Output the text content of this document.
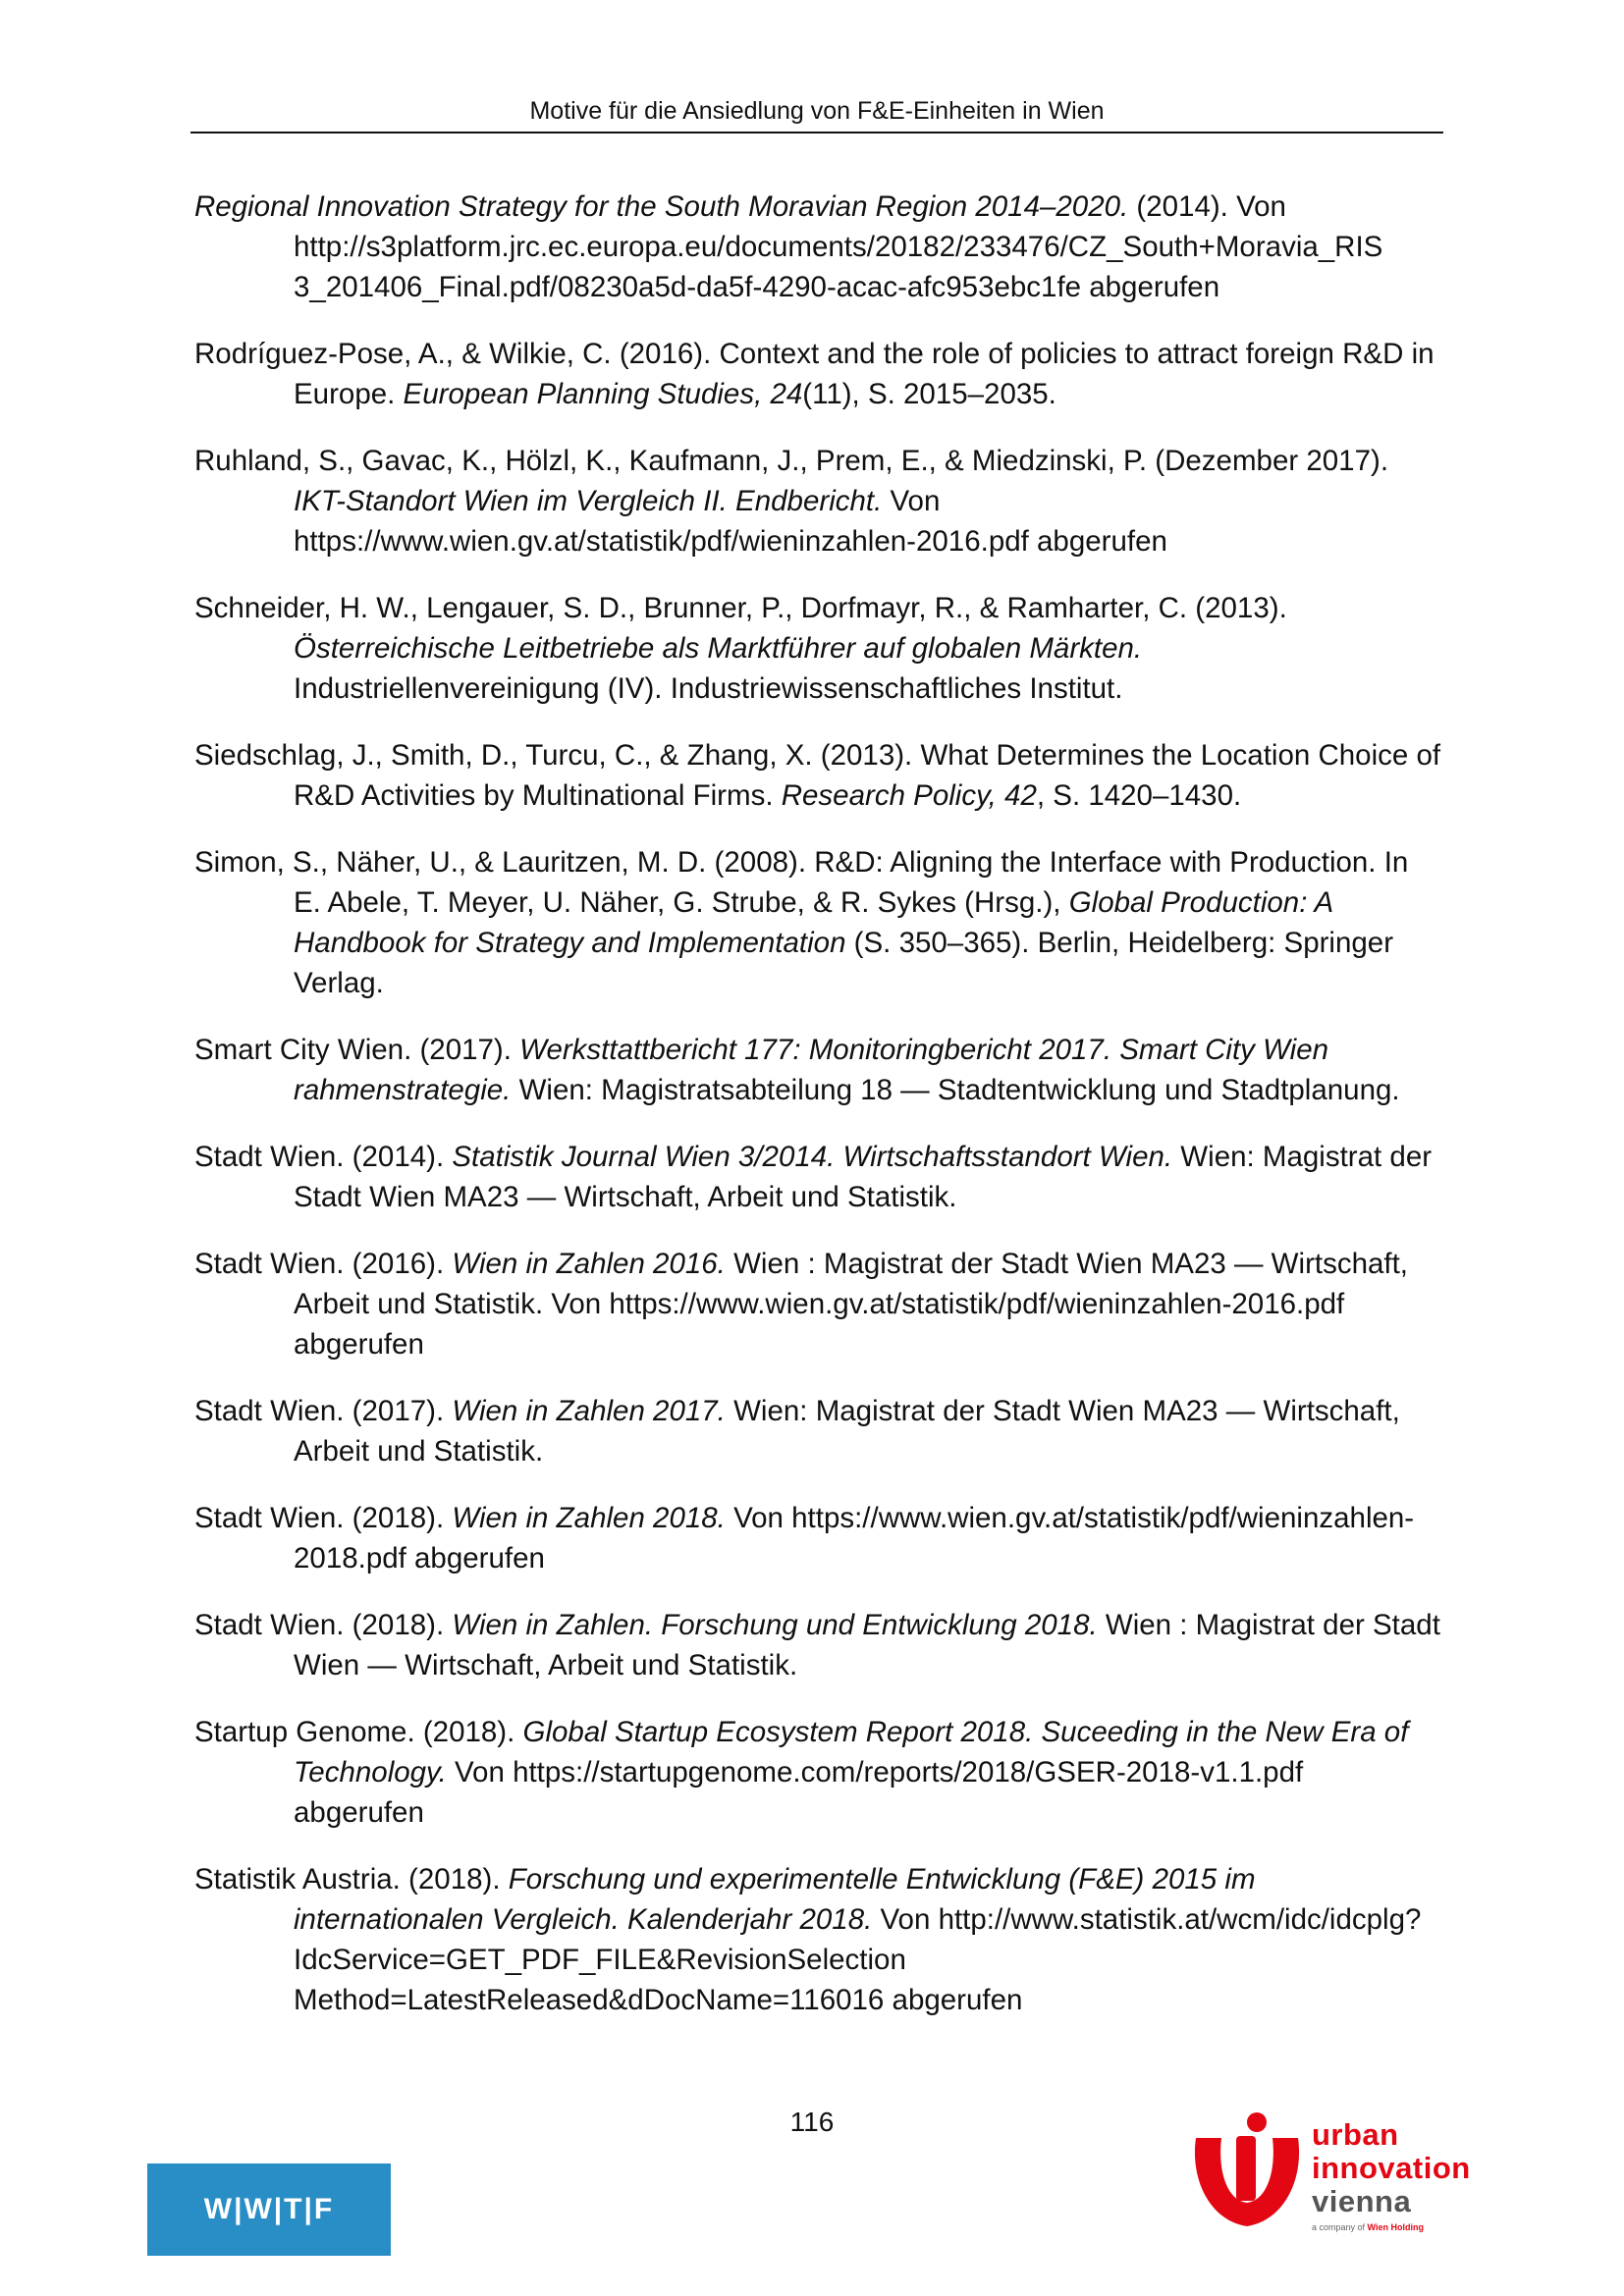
Motive für die Ansiedlung von F&E-Einheiten in Wien

Regional Innovation Strategy for the South Moravian Region 2014–2020. (2014). Von http://s3platform.jrc.ec.europa.eu/documents/20182/233476/CZ_South+Moravia_RIS 3_201406_Final.pdf/08230a5d-da5f-4290-acac-afc953ebc1fe abgerufen

Rodríguez-Pose, A., & Wilkie, C. (2016). Context and the role of policies to attract foreign R&D in Europe. European Planning Studies, 24(11), S. 2015–2035.

Ruhland, S., Gavac, K., Hölzl, K., Kaufmann, J., Prem, E., & Miedzinski, P. (Dezember 2017). IKT-Standort Wien im Vergleich II. Endbericht. Von https://www.wien.gv.at/statistik/pdf/wieninzahlen-2016.pdf abgerufen

Schneider, H. W., Lengauer, S. D., Brunner, P., Dorfmayr, R., & Ramharter, C. (2013). Österreichische Leitbetriebe als Marktführer auf globalen Märkten. Industriellenvereinigung (IV). Industriewissenschaftliches Institut.

Siedschlag, J., Smith, D., Turcu, C., & Zhang, X. (2013). What Determines the Location Choice of R&D Activities by Multinational Firms. Research Policy, 42, S. 1420–1430.

Simon, S., Näher, U., & Lauritzen, M. D. (2008). R&D: Aligning the Interface with Production. In E. Abele, T. Meyer, U. Näher, G. Strube, & R. Sykes (Hrsg.), Global Production: A Handbook for Strategy and Implementation (S. 350–365). Berlin, Heidelberg: Springer Verlag.

Smart City Wien. (2017). Werksttattbericht 177: Monitoringbericht 2017. Smart City Wien rahmenstrategie. Wien: Magistratsabteilung 18 — Stadtentwicklung und Stadtplanung.

Stadt Wien. (2014). Statistik Journal Wien 3/2014. Wirtschaftsstandort Wien. Wien: Magistrat der Stadt Wien MA23 — Wirtschaft, Arbeit und Statistik.

Stadt Wien. (2016). Wien in Zahlen 2016. Wien : Magistrat der Stadt Wien MA23 — Wirtschaft, Arbeit und Statistik. Von https://www.wien.gv.at/statistik/pdf/wieninzahlen-2016.pdf abgerufen

Stadt Wien. (2017). Wien in Zahlen 2017. Wien: Magistrat der Stadt Wien MA23 — Wirtschaft, Arbeit und Statistik.

Stadt Wien. (2018). Wien in Zahlen 2018. Von https://www.wien.gv.at/statistik/pdf/wieninzahlen-2018.pdf abgerufen

Stadt Wien. (2018). Wien in Zahlen. Forschung und Entwicklung 2018. Wien : Magistrat der Stadt Wien — Wirtschaft, Arbeit und Statistik.

Startup Genome. (2018). Global Startup Ecosystem Report 2018. Suceeding in the New Era of Technology. Von https://startupgenome.com/reports/2018/GSER-2018-v1.1.pdf abgerufen

Statistik Austria. (2018). Forschung und experimentelle Entwicklung (F&E) 2015 im internationalen Vergleich. Kalenderjahr 2018. Von http://www.statistik.at/wcm/idc/idcplg?IdcService=GET_PDF_FILE&RevisionSelection Method=LatestReleased&dDocName=116016 abgerufen

116
W|W|T|F
urban
innovation
vienna
a company of Wien Holding
